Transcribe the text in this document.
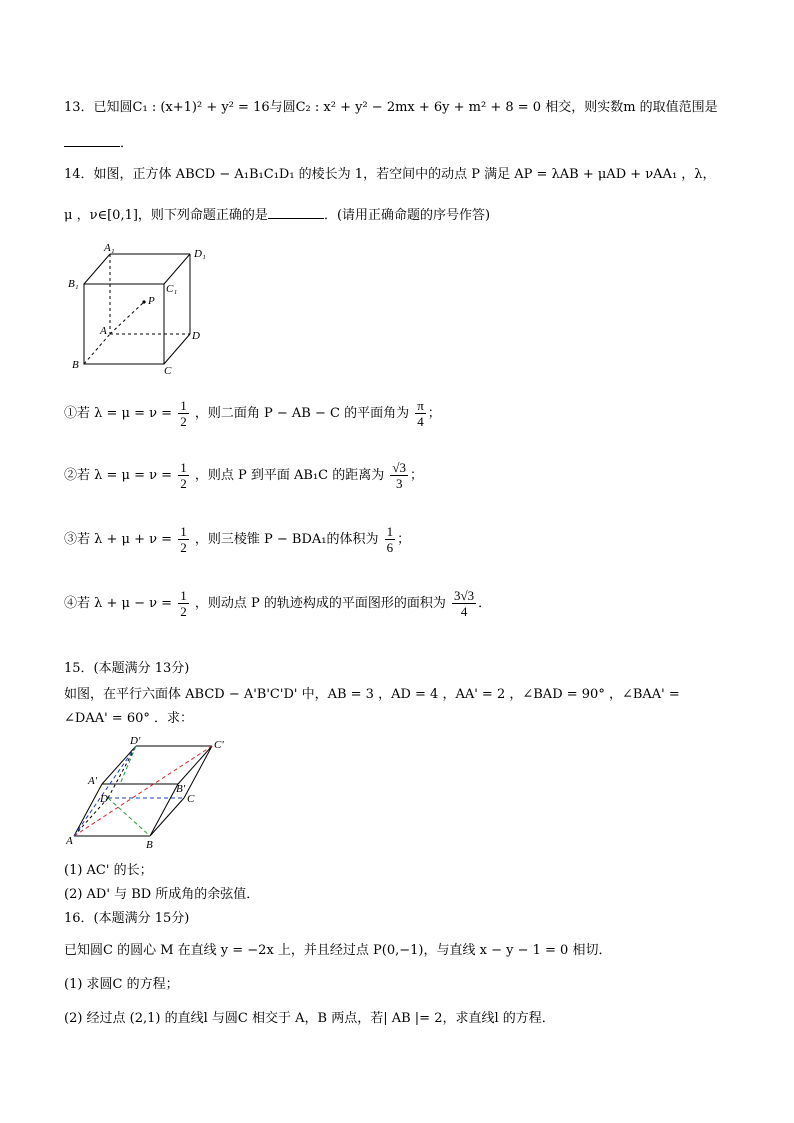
13．已知圆C₁ : (x+1)² + y² = 16与圆C₂ : x² + y² − 2mx + 6y + m² + 8 = 0 相交，则实数m 的取值范围是
．
14．如图，正方体 ABCD − A₁B₁C₁D₁ 的棱长为 1，若空间中的动点 P 满足 AP = λAB + μAD + νAA₁ ，λ，
μ ，ν∈[0,1]，则下列命题正确的是	．(请用正确命题的序号作答)
A₁	D₁
B₁	C₁
P
A	D
B	C
①若 $\lambda = \mu = \nu = \frac{1}{2}$ ，则二面角 P − AB − C 的平面角为 $\frac{\pi}{4}$ ；
②若 $\lambda = \mu = \nu = \frac{1}{2}$ ，则点 P 到平面 AB₁C 的距离为 $\frac{√3}{3}$ ；
③若 $\lambda + \mu + \nu = \frac{1}{2}$ ，则三棱锥 P − BDA₁的体积为 $\frac{1}{6}$ ；
④若 $\lambda + \mu - \nu = \frac{1}{2}$ ，则动点 P 的轨迹构成的平面图形的面积为 $\frac{3√3}{4}$ ．
15．(本题满分 13分)
如图，在平行六面体 ABCD − A'B'C'D' 中，AB = 3 ，AD = 4 ，AA' = 2 ，∠BAD = 90° ，∠BAA' =
∠DAA' = 60° ．求：
D'	C'
A'
B'
D	C
A	B
(1) AC' 的长；
(2) AD' 与 BD 所成角的余弦值．
16．(本题满分 15分)
已知圆C 的圆心 M 在直线 y = −2x 上，并且经过点 P(0,−1)，与直线 x − y − 1 = 0 相切．
(1) 求圆C 的方程；
(2) 经过点 (2,1) 的直线l 与圆C 相交于 A，B 两点，若| AB |= 2，求直线l 的方程．
